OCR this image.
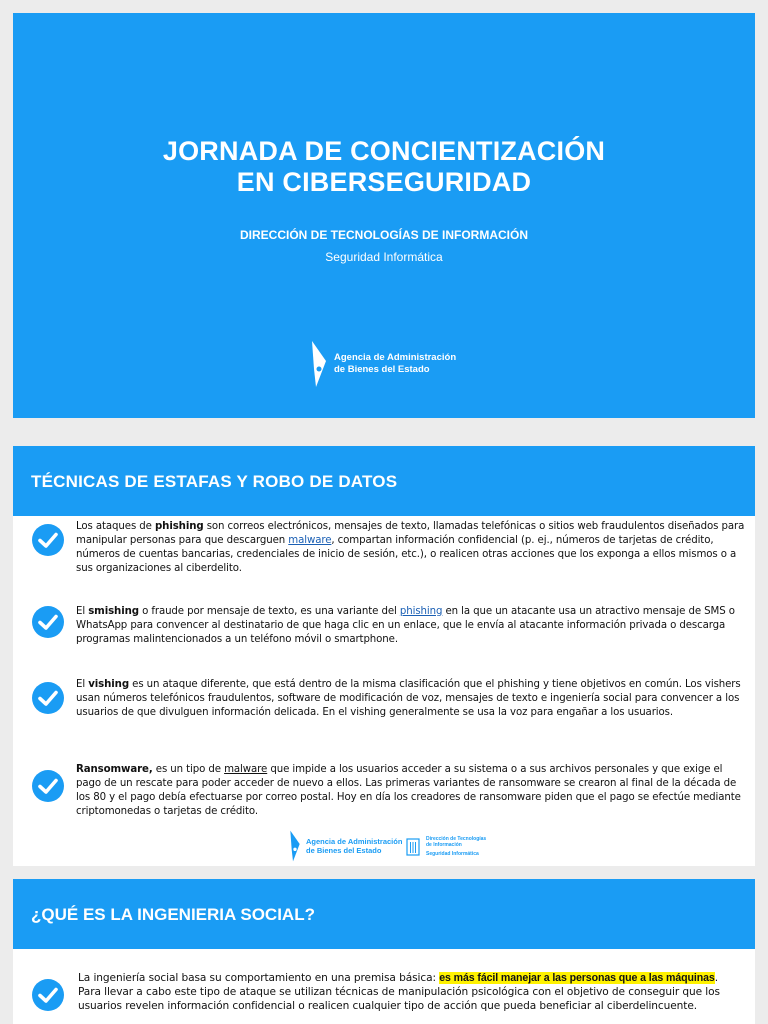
JORNADA DE CONCIENTIZACIÓN
EN CIBERSEGURIDAD
DIRECCIÓN DE TECNOLOGÍAS DE INFORMACIÓN
Seguridad Informática
Agencia de Administración
de Bienes del Estado
TÉCNICAS DE ESTAFAS Y ROBO DE DATOS
Los ataques de phishing son correos electrónicos, mensajes de texto, llamadas telefónicas o sitios web fraudulentos diseñados para manipular personas para que descarguen malware, compartan información confidencial (p. ej., números de tarjetas de crédito, números de cuentas bancarias, credenciales de inicio de sesión, etc.), o realicen otras acciones que los exponga a ellos mismos o a sus organizaciones al ciberdelito.
El smishing o fraude por mensaje de texto, es una variante del phishing en la que un atacante usa un atractivo mensaje de SMS o WhatsApp para convencer al destinatario de que haga clic en un enlace, que le envía al atacante información privada o descarga programas malintencionados a un teléfono móvil o smartphone.
El vishing es un ataque diferente, que está dentro de la misma clasificación que el phishing y tiene objetivos en común. Los vishers usan números telefónicos fraudulentos, software de modificación de voz, mensajes de texto e ingeniería social para convencer a los usuarios de que divulguen información delicada. En el vishing generalmente se usa la voz para engañar a los usuarios.
Ransomware, es un tipo de malware que impide a los usuarios acceder a su sistema o a sus archivos personales y que exige el pago de un rescate para poder acceder de nuevo a ellos. Las primeras variantes de ransomware se crearon al final de la década de los 80 y el pago debía efectuarse por correo postal. Hoy en día los creadores de ransomware piden que el pago se efectúe mediante criptomonedas o tarjetas de crédito.
Agencia de Administración
de Bienes del Estado
Dirección de Tecnologías
de Información
Seguridad Informática
¿QUÉ ES LA INGENIERIA SOCIAL?
La ingeniería social basa su comportamiento en una premisa básica: es más fácil manejar a las personas que a las máquinas. Para llevar a cabo este tipo de ataque se utilizan técnicas de manipulación psicológica con el objetivo de conseguir que los usuarios revelen información confidencial o realicen cualquier tipo de acción que pueda beneficiar al ciberdelincuente.
